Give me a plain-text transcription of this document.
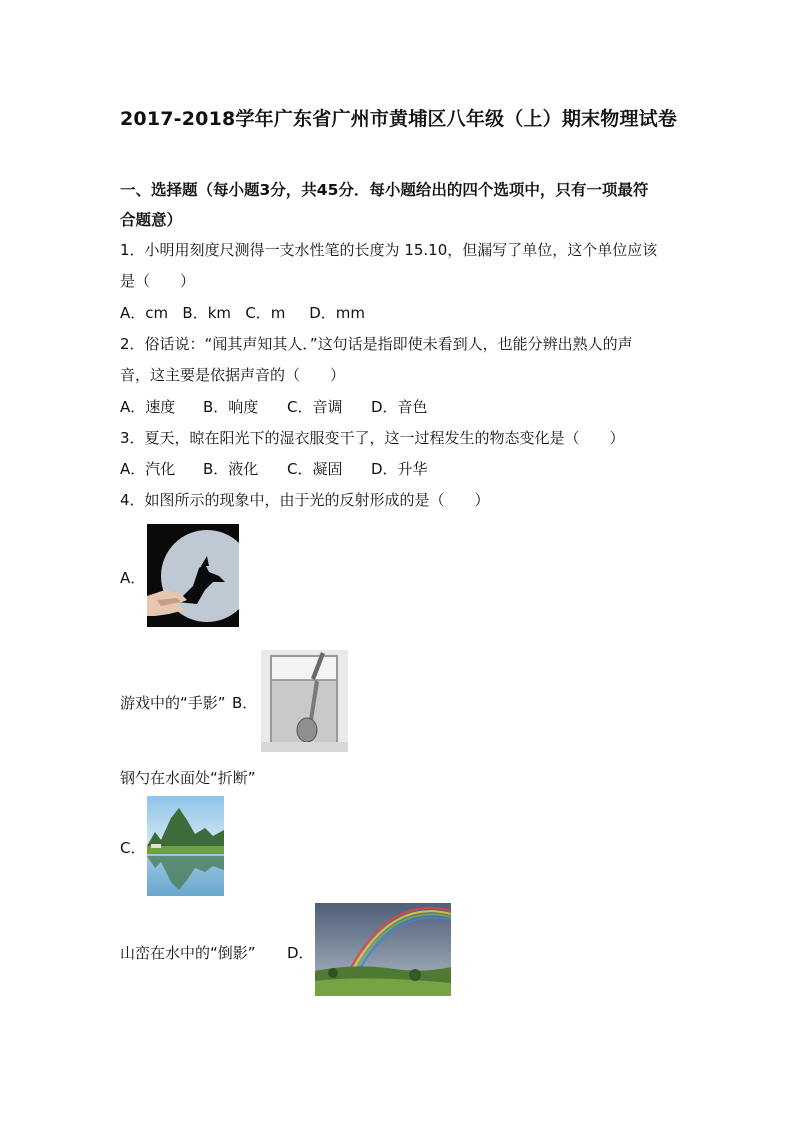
2017-2018学年广东省广州市黄埔区八年级（上）期末物理试卷
一、选择题（每小题3分，共45分．每小题给出的四个选项中，只有一项最符
合题意）
1．小明用刻度尺测得一支水性笔的长度为 15.10，但漏写了单位，这个单位应该
是（　　）
A．cm   B．km   C．m     D．mm
2．俗话说：“闻其声知其人．”这句话是指即使未看到人，也能分辨出熟人的声
音，这主要是依据声音的（　　）
A．速度 B．响度 C．音调 D．音色
3．夏天，晾在阳光下的湿衣服变干了，这一过程发生的物态变化是（　　）
A．汽化 B．液化 C．凝固 D．升华
4．如图所示的现象中，由于光的反射形成的是（　　）
A．
游戏中的“手影” B．
钢勺在水面处“折断”
C．
山峦在水中的“倒影” D．
